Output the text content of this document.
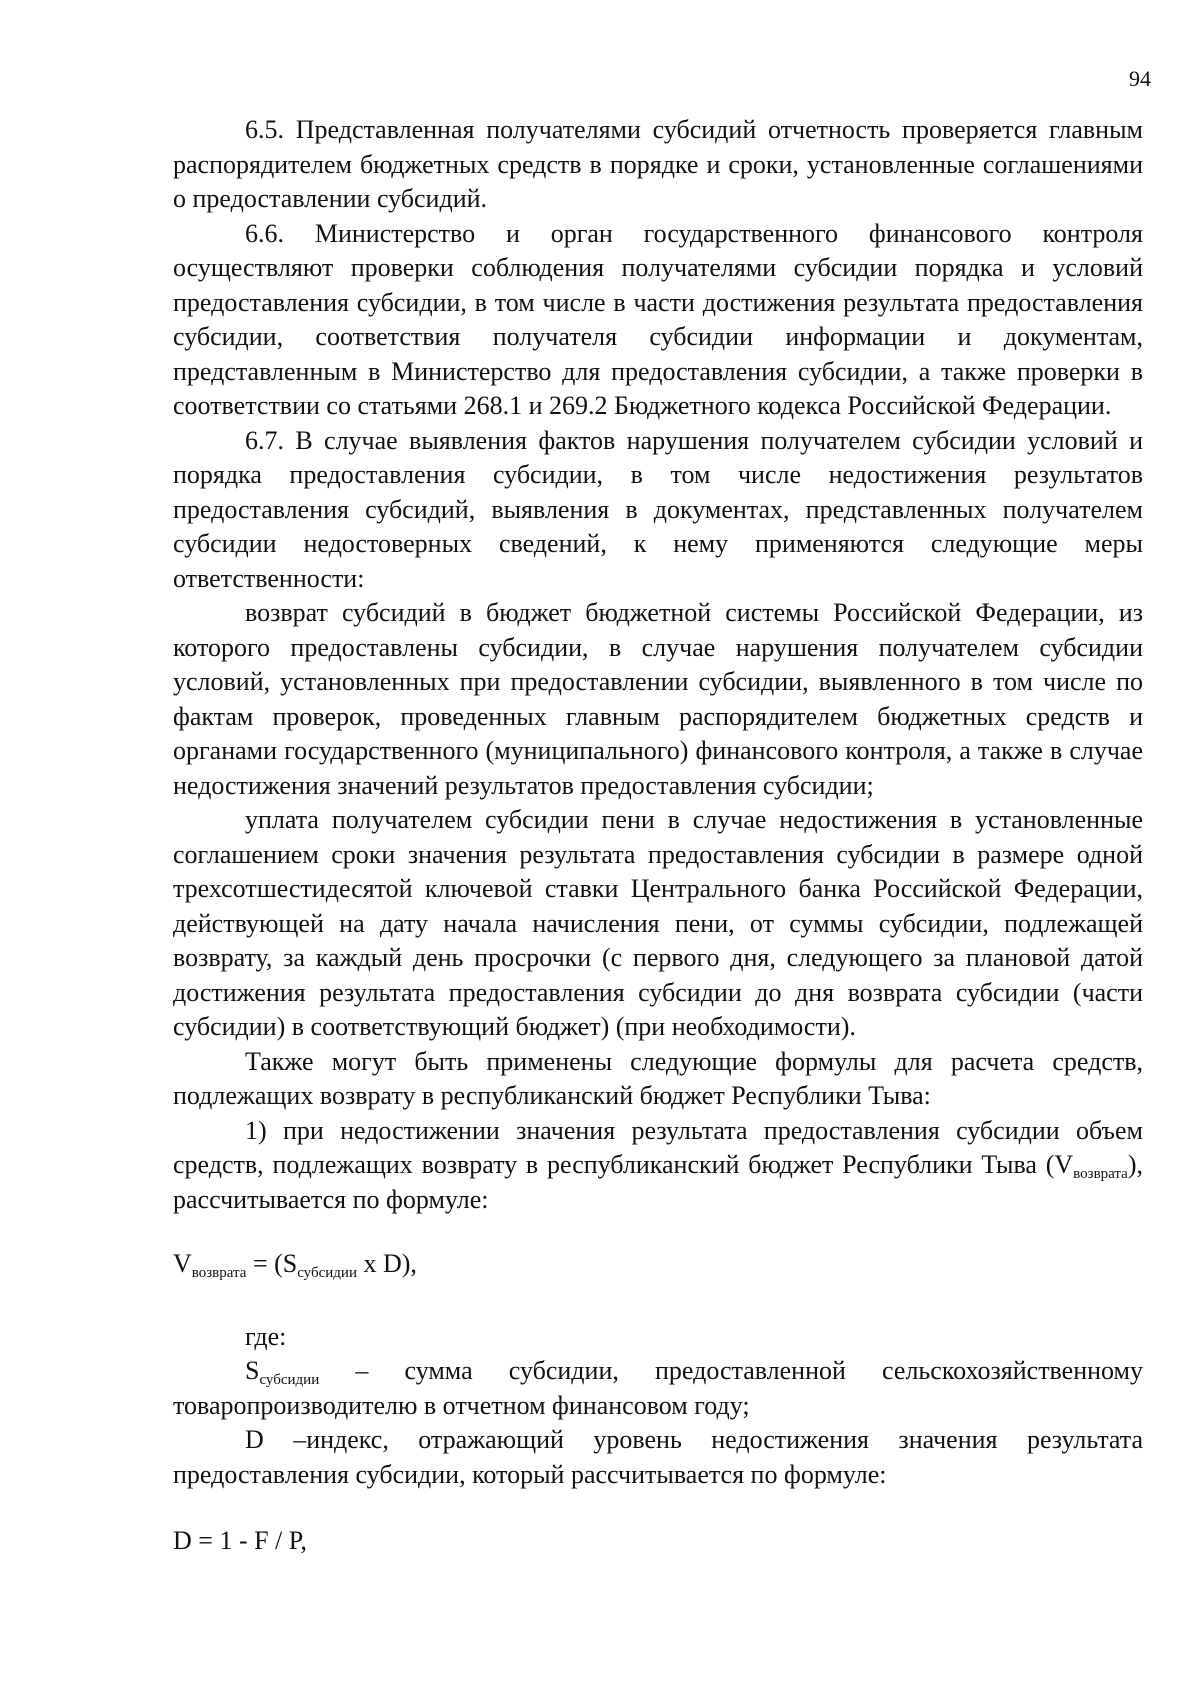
94

6.5. Представленная получателями субсидий отчетность проверяется главным распорядителем бюджетных средств в порядке и сроки, установленные соглашениями о предоставлении субсидий.

6.6. Министерство и орган государственного финансового контроля осуществляют проверки соблюдения получателями субсидии порядка и условий предоставления субсидии, в том числе в части достижения результата предоставления субсидии, соответствия получателя субсидии информации и документам, представленным в Министерство для предоставления субсидии, а также проверки в соответствии со статьями 268.1 и 269.2 Бюджетного кодекса Российской Федерации.

6.7. В случае выявления фактов нарушения получателем субсидии условий и порядка предоставления субсидии, в том числе недостижения результатов предоставления субсидий, выявления в документах, представленных получателем субсидии недостоверных сведений, к нему применяются следующие меры ответственности:

возврат субсидий в бюджет бюджетной системы Российской Федерации, из которого предоставлены субсидии, в случае нарушения получателем субсидии условий, установленных при предоставлении субсидии, выявленного в том числе по фактам проверок, проведенных главным распорядителем бюджетных средств и органами государственного (муниципального) финансового контроля, а также в случае недостижения значений результатов предоставления субсидии;

уплата получателем субсидии пени в случае недостижения в установленные соглашением сроки значения результата предоставления субсидии в размере одной трехсотшестидесятой ключевой ставки Центрального банка Российской Федерации, действующей на дату начала начисления пени, от суммы субсидии, подлежащей возврату, за каждый день просрочки (с первого дня, следующего за плановой датой достижения результата предоставления субсидии до дня возврата субсидии (части субсидии) в соответствующий бюджет) (при необходимости).

Также могут быть применены следующие формулы для расчета средств, подлежащих возврату в республиканский бюджет Республики Тыва:

1) при недостижении значения результата предоставления субсидии объем средств, подлежащих возврату в республиканский бюджет Республики Тыва $(V_{возврата})$, рассчитывается по формуле:

$V_{возврата} = (S_{субсидии}$ x D),

где:

$S_{субсидии}$ – сумма субсидии, предоставленной сельскохозяйственному товаропроизводителю в отчетном финансовом году;

D –индекс, отражающий уровень недостижения значения результата предоставления субсидии, который рассчитывается по формуле:

D = 1 - F / P,
